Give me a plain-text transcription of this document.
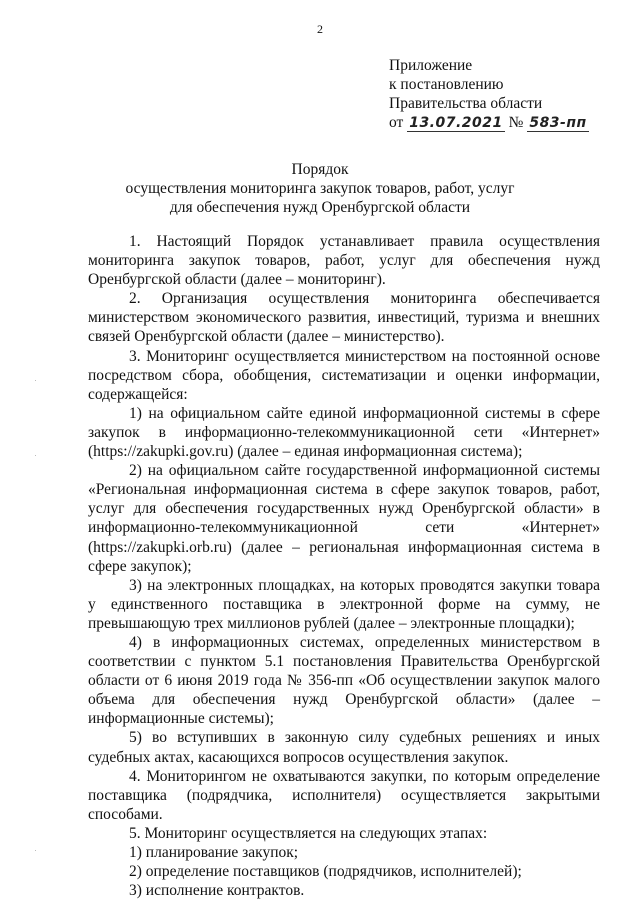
2
Приложение
к постановлению
Правительства области
от 13.07.2021 № 583-пп
Порядок
осуществления мониторинга закупок товаров, работ, услуг
для обеспечения нужд Оренбургской области

1. Настоящий Порядок устанавливает правила осуществления мониторинга закупок товаров, работ, услуг для обеспечения нужд Оренбургской области (далее – мониторинг).

2. Организация осуществления мониторинга обеспечивается министерством экономического развития, инвестиций, туризма и внешних связей Оренбургской области (далее – министерство).

3. Мониторинг осуществляется министерством на постоянной основе посредством сбора, обобщения, систематизации и оценки информации, содержащейся:

1) на официальном сайте единой информационной системы в сфере закупок в информационно-телекоммуникационной сети «Интернет» (https://zakupki.gov.ru) (далее – единая информационная система);

2) на официальном сайте государственной информационной системы «Региональная информационная система в сфере закупок товаров, работ, услуг для обеспечения государственных нужд Оренбургской области» в информационно-телекоммуникационной сети «Интернет» (https://zakupki.orb.ru) (далее – региональная информационная система в сфере закупок);

3) на электронных площадках, на которых проводятся закупки товара у единственного поставщика в электронной форме на сумму, не превышающую трех миллионов рублей (далее – электронные площадки);

4) в информационных системах, определенных министерством в соответствии с пунктом 5.1 постановления Правительства Оренбургской области от 6 июня 2019 года № 356-пп «Об осуществлении закупок малого объема для обеспечения нужд Оренбургской области» (далее – информационные системы);

5) во вступивших в законную силу судебных решениях и иных судебных актах, касающихся вопросов осуществления закупок.

4. Мониторингом не охватываются закупки, по которым определение поставщика (подрядчика, исполнителя) осуществляется закрытыми способами.

5. Мониторинг осуществляется на следующих этапах:

1) планирование закупок;

2) определение поставщиков (подрядчиков, исполнителей);

3) исполнение контрактов.
